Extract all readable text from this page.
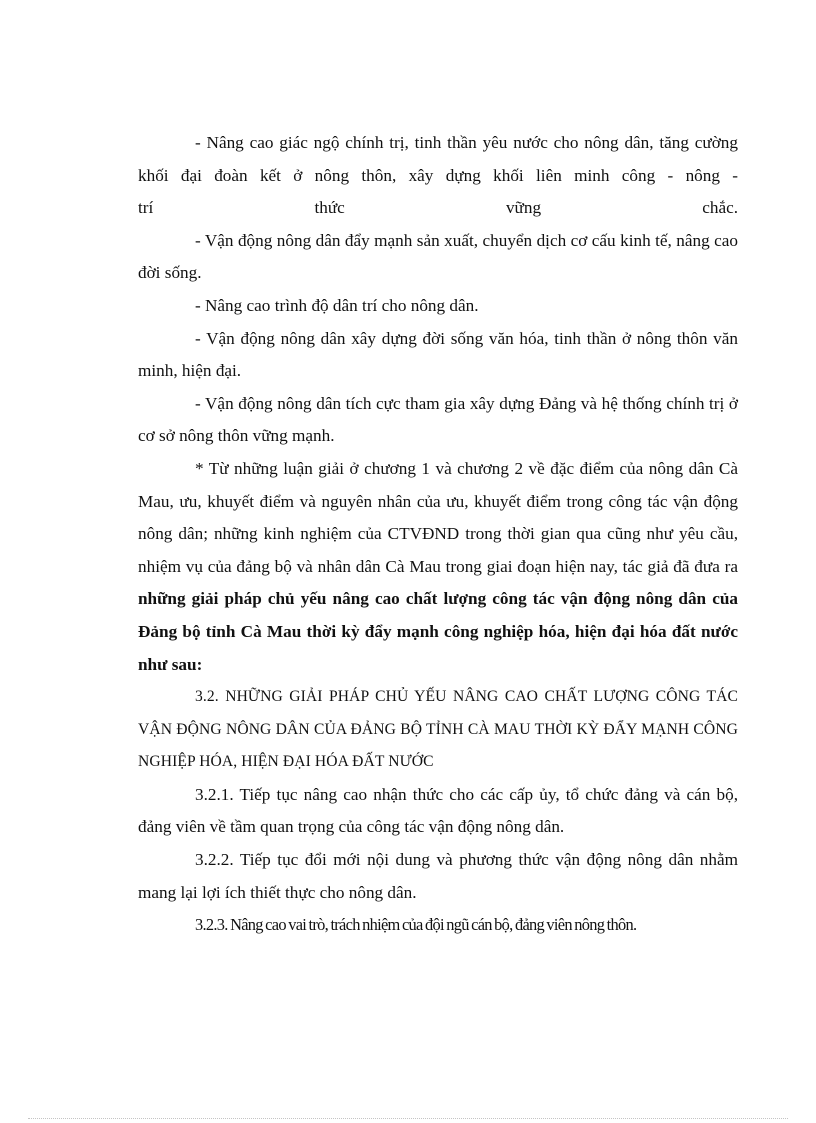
- Nâng cao giác ngộ chính trị, tinh thần yêu nước cho nông dân, tăng cường khối đại đoàn kết ở nông thôn, xây dựng khối liên minh công - nông -

trí thức vững chắc.

- Vận động nông dân đẩy mạnh sản xuất, chuyển dịch cơ cấu kinh tế, nâng cao đời sống.

- Nâng cao trình độ dân trí cho nông dân.

- Vận động nông dân xây dựng đời sống văn hóa, tinh thần ở nông thôn văn minh, hiện đại.

- Vận động nông dân tích cực tham gia xây dựng Đảng và hệ thống chính trị ở cơ sở nông thôn vững mạnh.

* Từ những luận giải ở chương 1 và chương 2 về đặc điểm của nông dân Cà Mau, ưu, khuyết điểm và nguyên nhân của ưu, khuyết điểm trong công tác vận động nông dân; những kinh nghiệm của CTVĐND trong thời gian qua cũng như yêu cầu, nhiệm vụ của đảng bộ và nhân dân Cà Mau trong giai đoạn hiện nay, tác giả đã đưa ra những giải pháp chủ yếu nâng cao chất lượng công tác vận động nông dân của Đảng bộ tỉnh Cà Mau thời kỳ đẩy mạnh công nghiệp hóa, hiện đại hóa đất nước như sau:

3.2. NHỮNG GIẢI PHÁP CHỦ YẾU NÂNG CAO CHẤT LƯỢNG CÔNG TÁC VẬN ĐỘNG NÔNG DÂN CỦA ĐẢNG BỘ TỈNH CÀ MAU THỜI KỲ ĐẨY MẠNH CÔNG NGHIỆP HÓA, HIỆN ĐẠI HÓA ĐẤT NƯỚC

3.2.1. Tiếp tục nâng cao nhận thức cho các cấp ủy, tổ chức đảng và cán bộ, đảng viên về tầm quan trọng của công tác vận động nông dân.

3.2.2. Tiếp tục đổi mới nội dung và phương thức vận động nông dân nhằm mang lại lợi ích thiết thực cho nông dân.

3.2.3. Nâng cao vai trò, trách nhiệm của đội ngũ cán bộ, đảng viên nông thôn.
